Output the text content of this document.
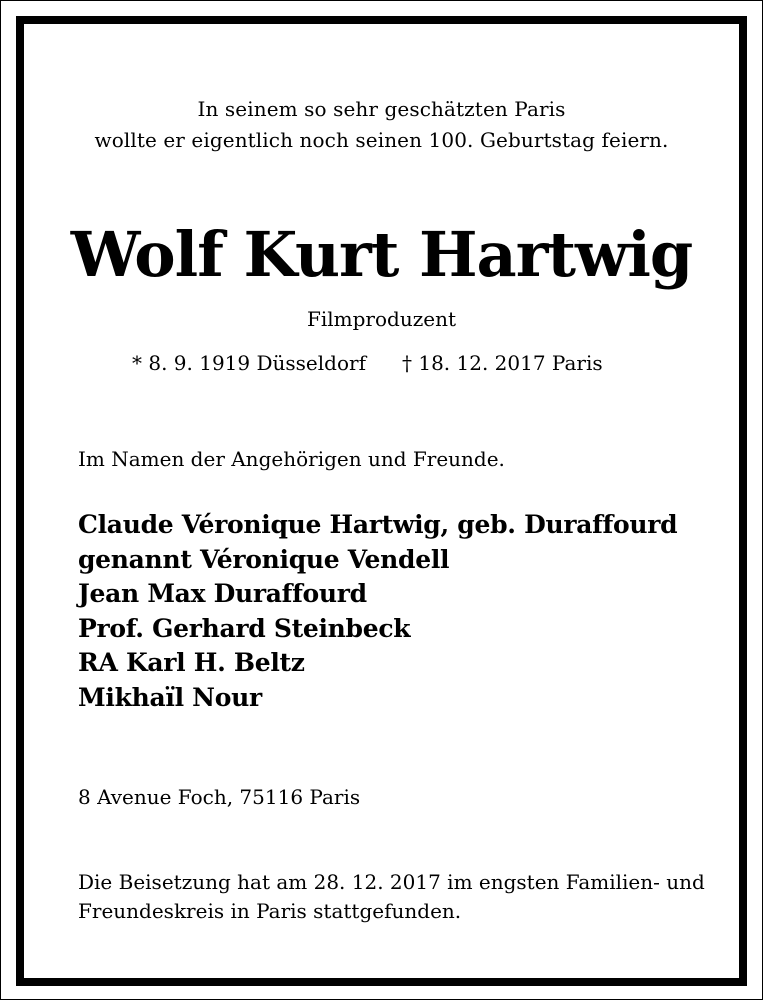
In seinem so sehr geschätzten Paris
wollte er eigentlich noch seinen 100. Geburtstag feiern.
Wolf Kurt Hartwig
Filmproduzent
* 8. 9. 1919 Düsseldorf † 18. 12. 2017 Paris
Im Namen der Angehörigen und Freunde.
Claude Véronique Hartwig, geb. Duraffourd
genannt Véronique Vendell
Jean Max Duraffourd
Prof. Gerhard Steinbeck
RA Karl H. Beltz
Mikhaïl Nour
8 Avenue Foch, 75116 Paris
Die Beisetzung hat am 28. 12. 2017 im engsten Familien- und
Freundeskreis in Paris stattgefunden.
